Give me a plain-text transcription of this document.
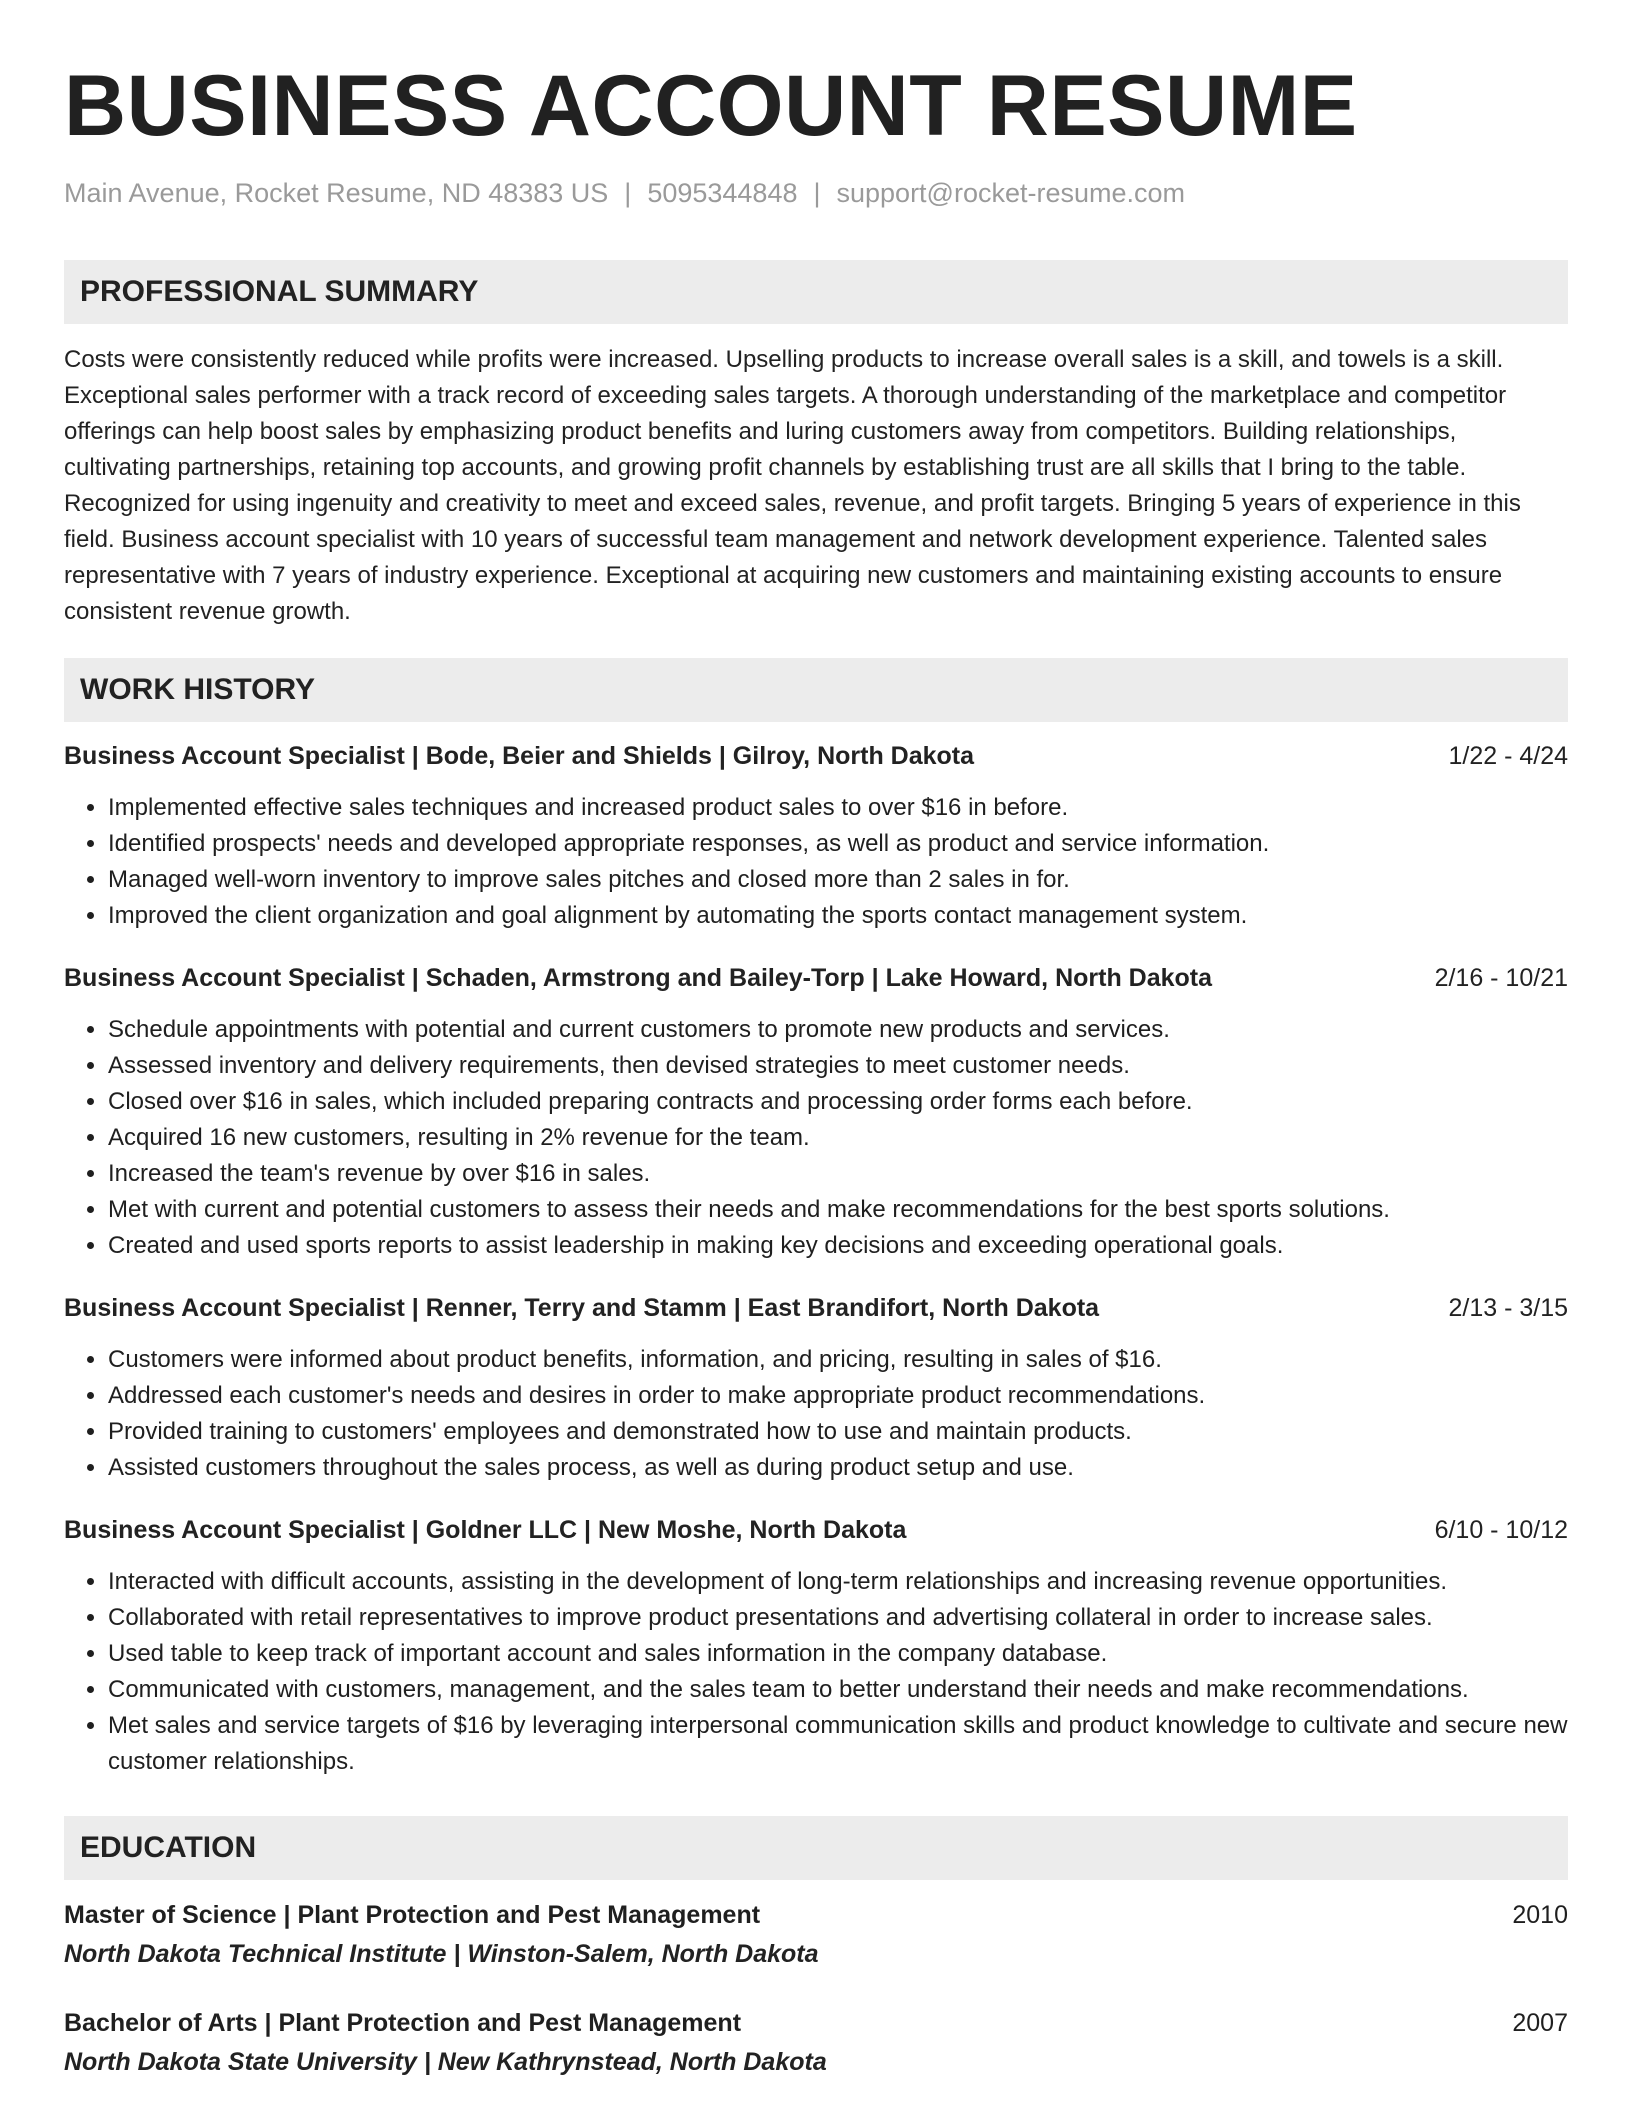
BUSINESS ACCOUNT RESUME
Main Avenue, Rocket Resume, ND 48383 US | 5095344848 | support@rocket-resume.com
PROFESSIONAL SUMMARY

Costs were consistently reduced while profits were increased. Upselling products to increase overall sales is a skill, and towels is a skill. Exceptional sales performer with a track record of exceeding sales targets. A thorough understanding of the marketplace and competitor offerings can help boost sales by emphasizing product benefits and luring customers away from competitors. Building relationships, cultivating partnerships, retaining top accounts, and growing profit channels by establishing trust are all skills that I bring to the table. Recognized for using ingenuity and creativity to meet and exceed sales, revenue, and profit targets. Bringing 5 years of experience in this field. Business account specialist with 10 years of successful team management and network development experience. Talented sales representative with 7 years of industry experience. Exceptional at acquiring new customers and maintaining existing accounts to ensure consistent revenue growth.

WORK HISTORY
Business Account Specialist | Bode, Beier and Shields | Gilroy, North Dakota	1/22 - 4/24
• Implemented effective sales techniques and increased product sales to over $16 in before.
• Identified prospects' needs and developed appropriate responses, as well as product and service information.
• Managed well-worn inventory to improve sales pitches and closed more than 2 sales in for.
• Improved the client organization and goal alignment by automating the sports contact management system.
Business Account Specialist | Schaden, Armstrong and Bailey-Torp | Lake Howard, North Dakota	2/16 - 10/21
• Schedule appointments with potential and current customers to promote new products and services.
• Assessed inventory and delivery requirements, then devised strategies to meet customer needs.
• Closed over $16 in sales, which included preparing contracts and processing order forms each before.
• Acquired 16 new customers, resulting in 2% revenue for the team.
• Increased the team's revenue by over $16 in sales.
• Met with current and potential customers to assess their needs and make recommendations for the best sports solutions.
• Created and used sports reports to assist leadership in making key decisions and exceeding operational goals.
Business Account Specialist | Renner, Terry and Stamm | East Brandifort, North Dakota	2/13 - 3/15
• Customers were informed about product benefits, information, and pricing, resulting in sales of $16.
• Addressed each customer's needs and desires in order to make appropriate product recommendations.
• Provided training to customers' employees and demonstrated how to use and maintain products.
• Assisted customers throughout the sales process, as well as during product setup and use.
Business Account Specialist | Goldner LLC | New Moshe, North Dakota	6/10 - 10/12
• Interacted with difficult accounts, assisting in the development of long-term relationships and increasing revenue opportunities.
• Collaborated with retail representatives to improve product presentations and advertising collateral in order to increase sales.
• Used table to keep track of important account and sales information in the company database.
• Communicated with customers, management, and the sales team to better understand their needs and make recommendations.
• Met sales and service targets of $16 by leveraging interpersonal communication skills and product knowledge to cultivate and secure new customer relationships.
EDUCATION
Master of Science | Plant Protection and Pest Management	2010
North Dakota Technical Institute | Winston-Salem, North Dakota
Bachelor of Arts | Plant Protection and Pest Management	2007
North Dakota State University | New Kathrynstead, North Dakota
